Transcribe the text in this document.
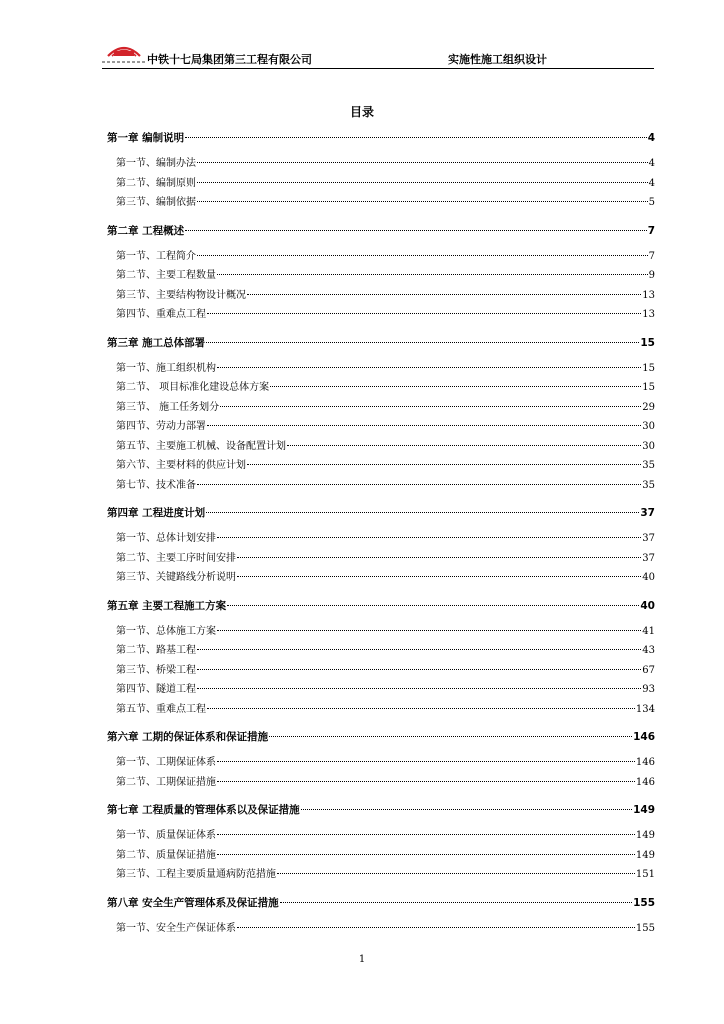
中铁十七局集团第三工程有限公司	实施性施工组织设计
目录
第一章 编制说明	4
第一节、编制办法	4
第二节、编制原则	4
第三节、编制依据	5
第二章 工程概述	7
第一节、工程简介	7
第二节、主要工程数量	9
第三节、主要结构物设计概况	13
第四节、重难点工程	13
第三章 施工总体部署	15
第一节、施工组织机构	15
第二节、 项目标准化建设总体方案	15
第三节、 施工任务划分	29
第四节、劳动力部署	30
第五节、主要施工机械、设备配置计划	30
第六节、主要材料的供应计划	35
第七节、技术准备	35
第四章 工程进度计划	37
第一节、总体计划安排	37
第二节、主要工序时间安排	37
第三节、关键路线分析说明	40
第五章 主要工程施工方案	40
第一节、总体施工方案	41
第二节、路基工程	43
第三节、桥梁工程	67
第四节、隧道工程	93
第五节、重难点工程	134
第六章 工期的保证体系和保证措施	146
第一节、工期保证体系	146
第二节、工期保证措施	146
第七章 工程质量的管理体系以及保证措施	149
第一节、质量保证体系	149
第二节、质量保证措施	149
第三节、工程主要质量通病防范措施	151
第八章 安全生产管理体系及保证措施	155
第一节、安全生产保证体系	155
1
